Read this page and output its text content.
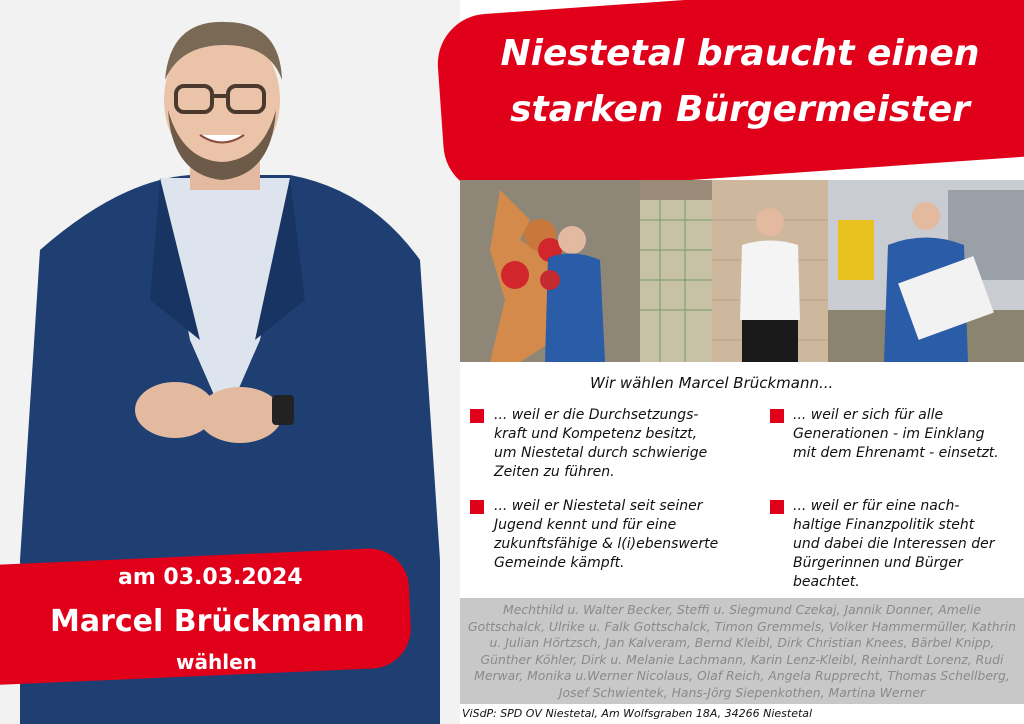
am 03.03.2024
Marcel Brückmann
wählen
Niestetal braucht einen
starken Bürgermeister
Wir wählen Marcel Brückmann...
... weil er die Durchsetzungs-
kraft und Kompetenz besitzt,
um Niestetal durch schwierige
Zeiten zu führen.
... weil er sich für alle
Generationen - im Einklang
mit dem Ehrenamt - einsetzt.
... weil er Niestetal seit seiner
Jugend kennt und für eine
zukunftsfähige & l(i)ebenswerte
Gemeinde kämpft.
... weil er für eine nach-
haltige Finanzpolitik steht
und dabei die Interessen der
Bürgerinnen und Bürger
beachtet.
Mechthild u. Walter Becker, Steffi u. Siegmund Czekaj, Jannik Donner, Amelie Gottschalck, Ulrike u. Falk Gottschalck, Timon Gremmels, Volker Hammermüller, Kathrin u. Julian Hörtzsch, Jan Kalveram, Bernd Kleibl, Dirk Christian Knees, Bärbel Knipp, Günther Köhler, Dirk u. Melanie Lachmann, Karin Lenz-Kleibl, Reinhardt Lorenz, Rudi Merwar, Monika u.Werner Nicolaus, Olaf Reich, Angela Rupprecht, Thomas Schellberg, Josef Schwientek, Hans-Jörg Siepenkothen, Martina Werner
ViSdP: SPD OV Niestetal, Am Wolfsgraben 18A, 34266 Niestetal
